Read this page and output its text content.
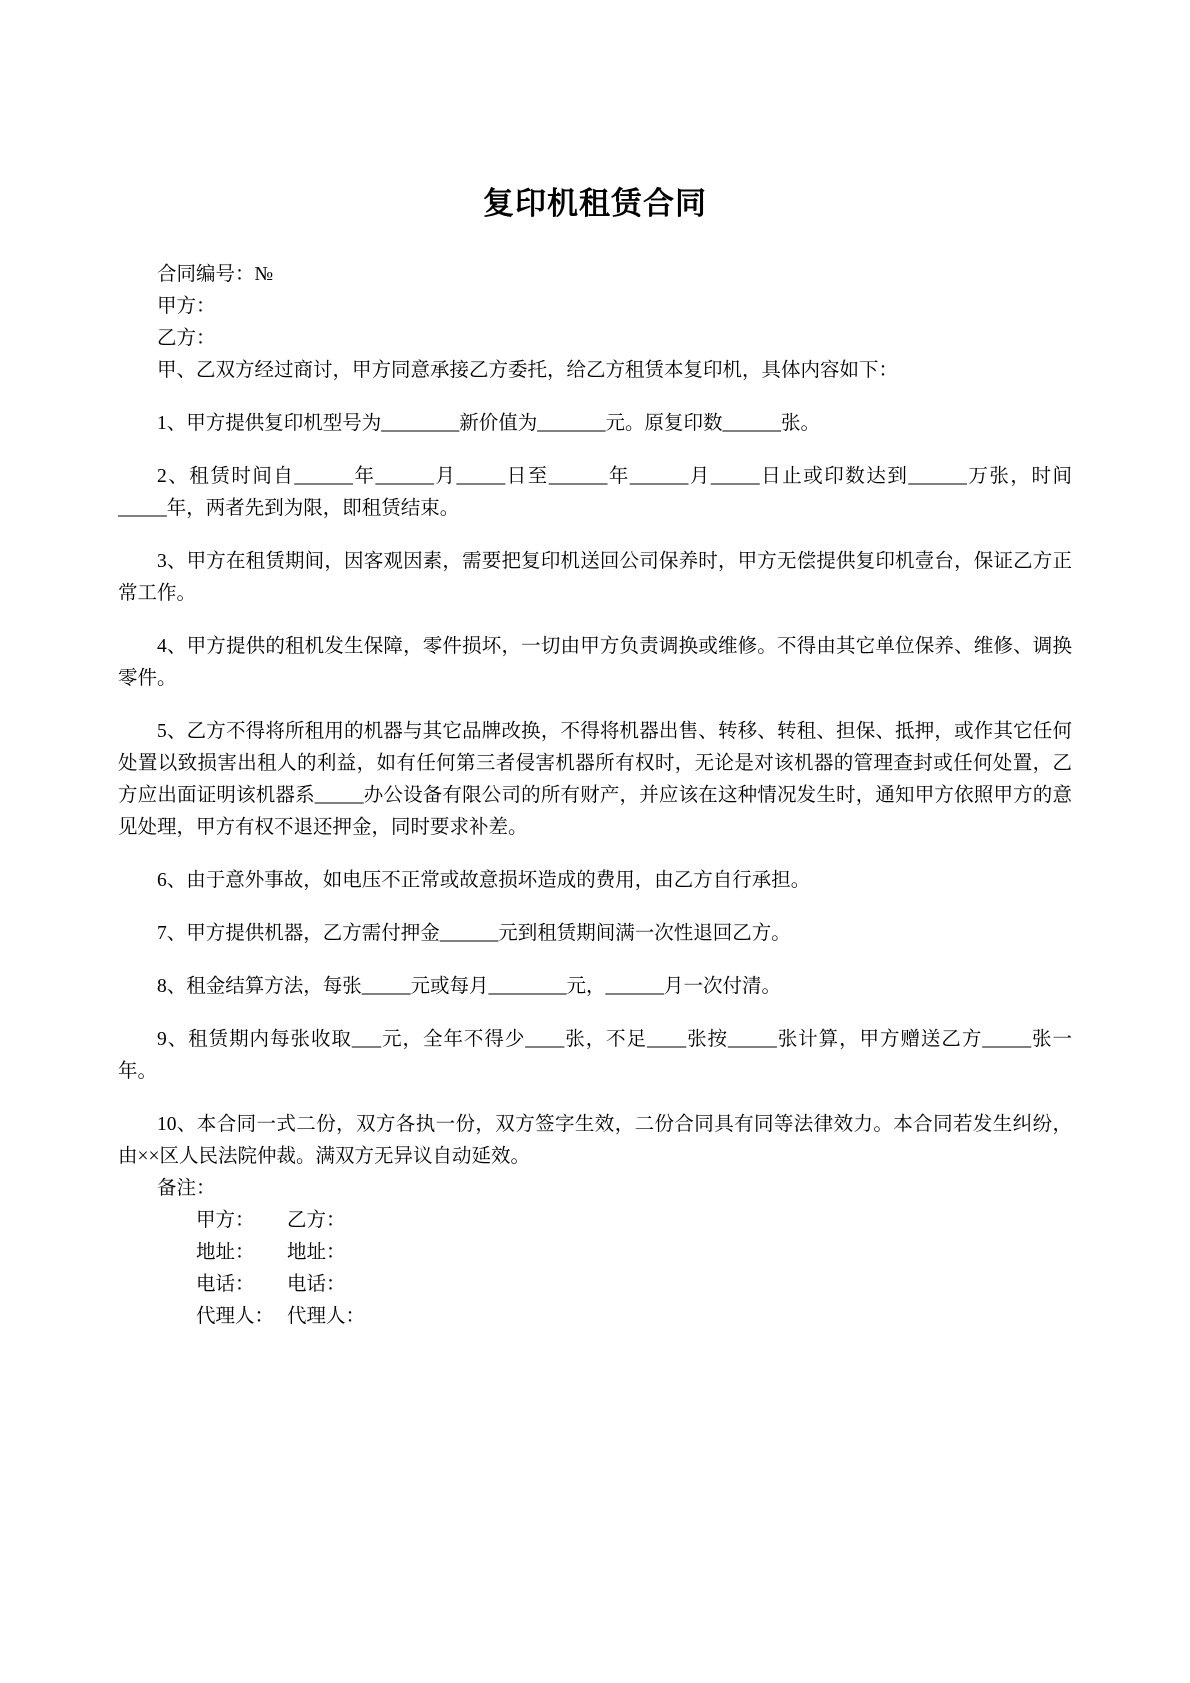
复印机租赁合同

合同编号：№

甲方：

乙方：

甲、乙双方经过商讨，甲方同意承接乙方委托，给乙方租赁本复印机，具体内容如下：

1、甲方提供复印机型号为________新价值为_______元。原复印数______张。

2、租赁时间自______年______月_____日至______年______月_____日止或印数达到______万张，时间_____年，两者先到为限，即租赁结束。

3、甲方在租赁期间，因客观因素，需要把复印机送回公司保养时，甲方无偿提供复印机壹台，保证乙方正常工作。

4、甲方提供的租机发生保障，零件损坏，一切由甲方负责调换或维修。不得由其它单位保养、维修、调换零件。

5、乙方不得将所租用的机器与其它品牌改换，不得将机器出售、转移、转租、担保、抵押，或作其它任何处置以致损害出租人的利益，如有任何第三者侵害机器所有权时，无论是对该机器的管理查封或任何处置，乙方应出面证明该机器系_____办公设备有限公司的所有财产，并应该在这种情况发生时，通知甲方依照甲方的意见处理，甲方有权不退还押金，同时要求补差。

6、由于意外事故，如电压不正常或故意损坏造成的费用，由乙方自行承担。

7、甲方提供机器，乙方需付押金______元到租赁期间满一次性退回乙方。

8、租金结算方法，每张_____元或每月________元，______月一次付清。

9、租赁期内每张收取___元，全年不得少____张，不足____张按_____张计算，甲方赠送乙方_____张一年。

10、本合同一式二份，双方各执一份，双方签字生效，二份合同具有同等法律效力。本合同若发生纠纷，由××区人民法院仲裁。满双方无异议自动延效。

备注：

甲方： 乙方：

地址： 地址：

电话： 电话：

代理人： 代理人：
